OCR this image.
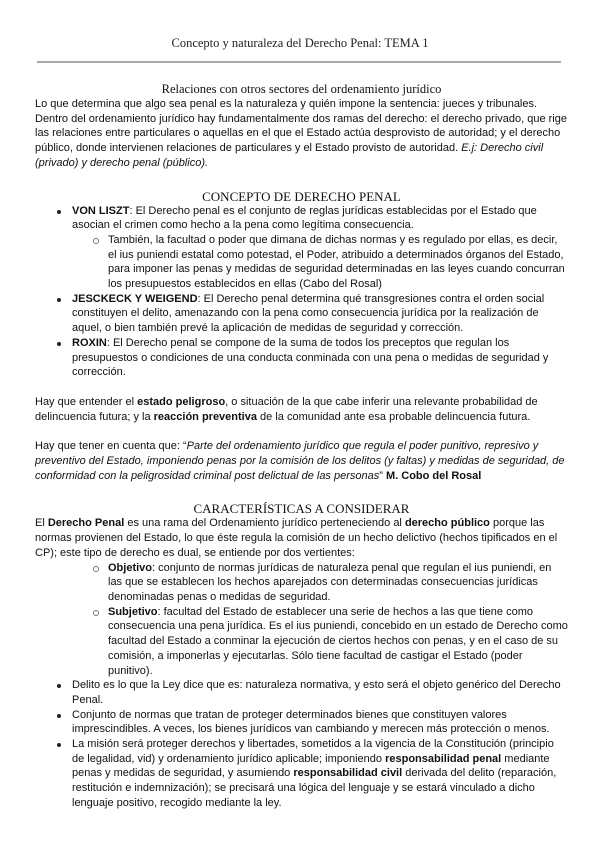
Concepto y naturaleza del Derecho Penal: TEMA 1
Relaciones con otros sectores del ordenamiento jurídico

Lo que determina que algo sea penal es la naturaleza y quién impone la sentencia: jueces y tribunales. Dentro del ordenamiento jurídico hay fundamentalmente dos ramas del derecho: el derecho privado, que rige las relaciones entre particulares o aquellas en el que el Estado actúa desprovisto de autoridad; y el derecho público, donde intervienen relaciones de particulares y el Estado provisto de autoridad. E.j: Derecho civil (privado) y derecho penal (público).

CONCEPTO DE DERECHO PENAL
VON LISZT: El Derecho penal es el conjunto de reglas jurídicas establecidas por el Estado que asocian el crimen como hecho a la pena como legítima consecuencia.
También, la facultad o poder que dimana de dichas normas y es regulado por ellas, es decir, el ius puniendi estatal como potestad, el Poder, atribuido a determinados órganos del Estado, para imponer las penas y medidas de seguridad determinadas en las leyes cuando concurran los presupuestos establecidos en ellas (Cabo del Rosal)
JESCKECK Y WEIGEND: El Derecho penal determina qué transgresiones contra el orden social constituyen el delito, amenazando con la pena como consecuencia jurídica por la realización de aquel, o bien también prevé la aplicación de medidas de seguridad y corrección.
ROXIN: El Derecho penal se compone de la suma de todos los preceptos que regulan los presupuestos o condiciones de una conducta conminada con una pena o medidas de seguridad y corrección.

Hay que entender el estado peligroso, o situación de la que cabe inferir una relevante probabilidad de delincuencia futura; y la reacción preventiva de la comunidad ante esa probable delincuencia futura.

Hay que tener en cuenta que: “Parte del ordenamiento jurídico que regula el poder punitivo, represivo y preventivo del Estado, imponiendo penas por la comisión de los delitos (y faltas) y medidas de seguridad, de conformidad con la peligrosidad criminal post delictual de las personas” M. Cobo del Rosal

CARACTERÍSTICAS A CONSIDERAR

El Derecho Penal es una rama del Ordenamiento jurídico perteneciendo al derecho público porque las normas provienen del Estado, lo que éste regula la comisión de un hecho delictivo (hechos tipificados en el CP); este tipo de derecho es dual, se entiende por dos vertientes:

Objetivo: conjunto de normas jurídicas de naturaleza penal que regulan el ius puniendi, en las que se establecen los hechos aparejados con determinadas consecuencias jurídicas denominadas penas o medidas de seguridad.
Subjetivo: facultad del Estado de establecer una serie de hechos a las que tiene como consecuencia una pena jurídica. Es el ius puniendi, concebido en un estado de Derecho como facultad del Estado a conminar la ejecución de ciertos hechos con penas, y en el caso de su comisión, a imponerlas y ejecutarlas. Sólo tiene facultad de castigar el Estado (poder punitivo).
Delito es lo que la Ley dice que es: naturaleza normativa, y esto será el objeto genérico del Derecho Penal.
Conjunto de normas que tratan de proteger determinados bienes que constituyen valores imprescindibles. A veces, los bienes jurídicos van cambiando y merecen más protección o menos.
La misión será proteger derechos y libertades, sometidos a la vigencia de la Constitución (principio de legalidad, vid) y ordenamiento jurídico aplicable; imponiendo responsabilidad penal mediante penas y medidas de seguridad, y asumiendo responsabilidad civil derivada del delito (reparación, restitución e indemnización); se precisará una lógica del lenguaje y se estará vinculado a dicho lenguaje positivo, recogido mediante la ley.
